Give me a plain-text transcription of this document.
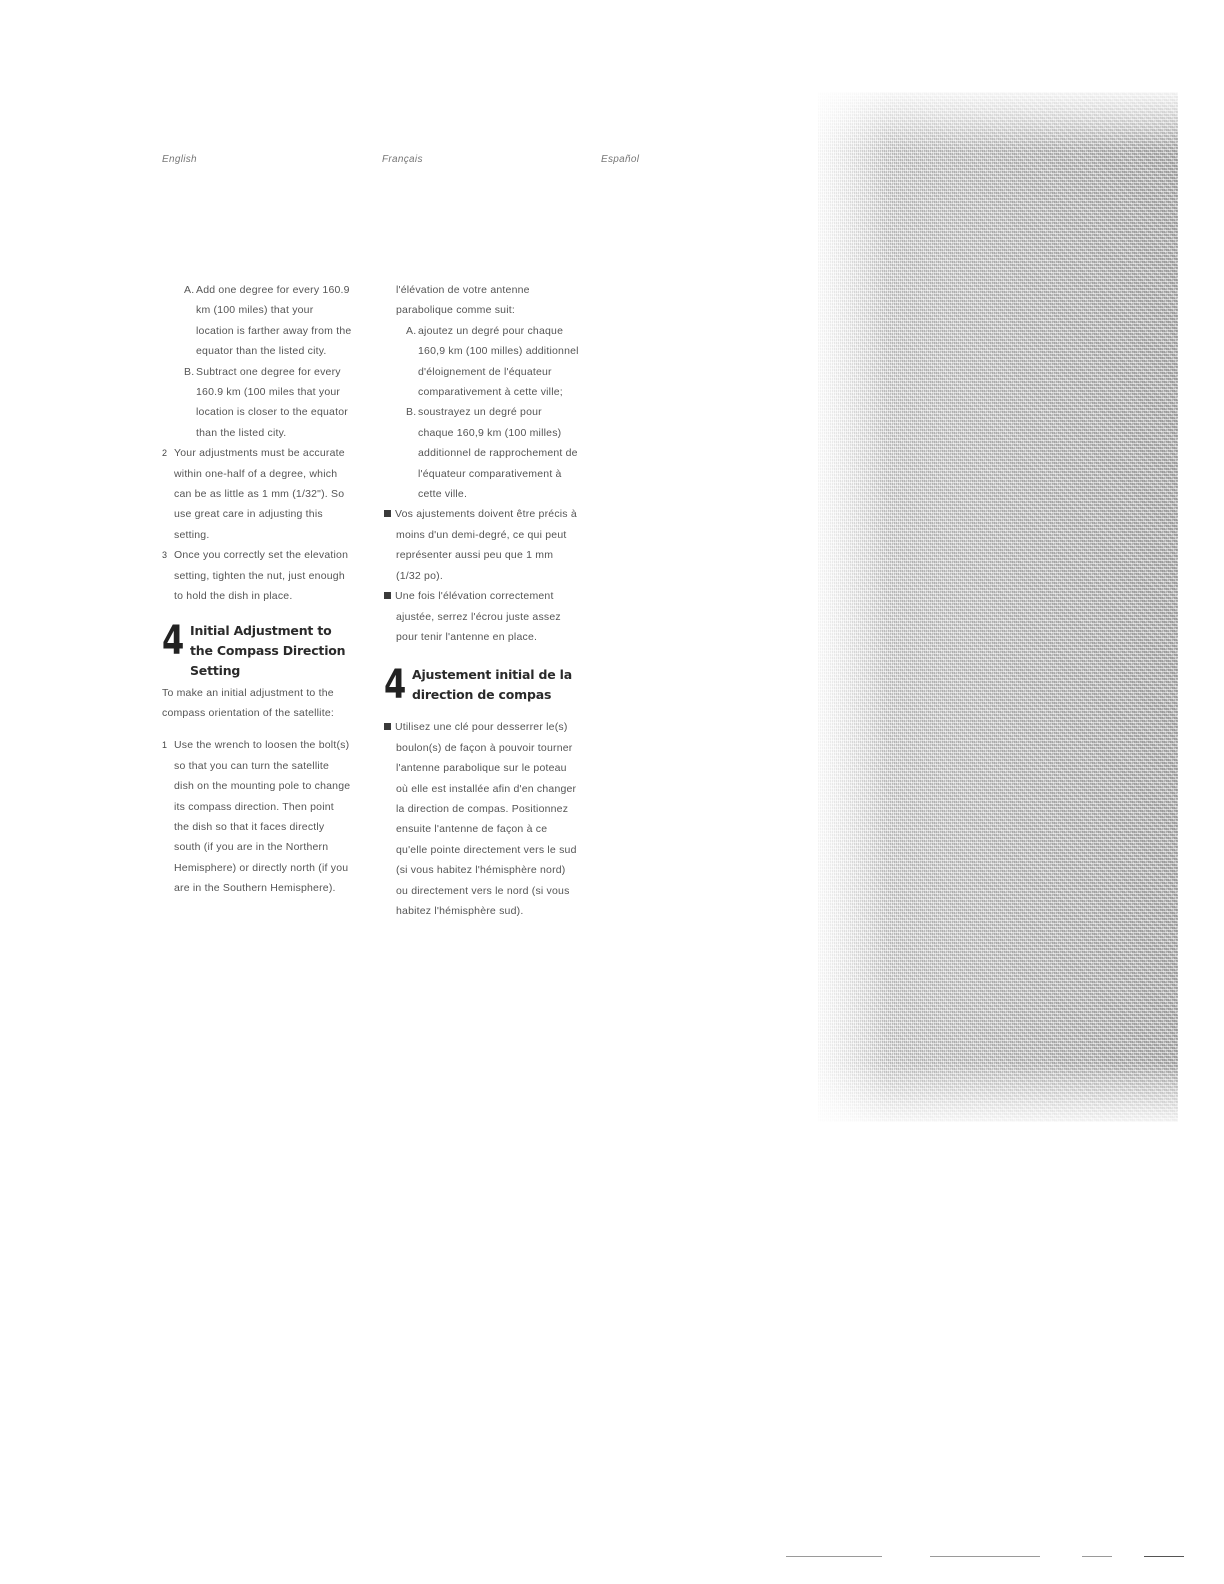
English	Français	Español

A. Add one degree for every 160.9 km (100 miles) that your location is farther away from the equator than the listed city.

B. Subtract one degree for every 160.9 km (100 miles that your location is closer to the equator than the listed city.

2 Your adjustments must be accurate within one-half of a degree, which can be as little as 1 mm (1/32"). So use great care in adjusting this setting.

3 Once you correctly set the elevation setting, tighten the nut, just enough to hold the dish in place.

4 Initial Adjustment to the Compass Direction Setting

To make an initial adjustment to the compass orientation of the satellite:

1 Use the wrench to loosen the bolt(s) so that you can turn the satellite dish on the mounting pole to change its compass direction. Then point the dish so that it faces directly south (if you are in the Northern Hemisphere) or directly north (if you are in the Southern Hemisphere).

l'élévation de votre antenne parabolique comme suit:

A. ajoutez un degré pour chaque 160,9 km (100 milles) additionnel d'éloignement de l'équateur comparativement à cette ville;

B. soustrayez un degré pour chaque 160,9 km (100 milles) additionnel de rapprochement de l'équateur comparativement à cette ville.

Vos ajustements doivent être précis à moins d'un demi-degré, ce qui peut représenter aussi peu que 1 mm (1/32 po).

Une fois l'élévation correctement ajustée, serrez l'écrou juste assez pour tenir l'antenne en place.

4 Ajustement initial de la direction de compas

Utilisez une clé pour desserrer le(s) boulon(s) de façon à pouvoir tourner l'antenne parabolique sur le poteau où elle est installée afin d'en changer la direction de compas. Positionnez ensuite l'antenne de façon à ce qu'elle pointe directement vers le sud (si vous habitez l'hémisphère nord) ou directement vers le nord (si vous habitez l'hémisphère sud).
